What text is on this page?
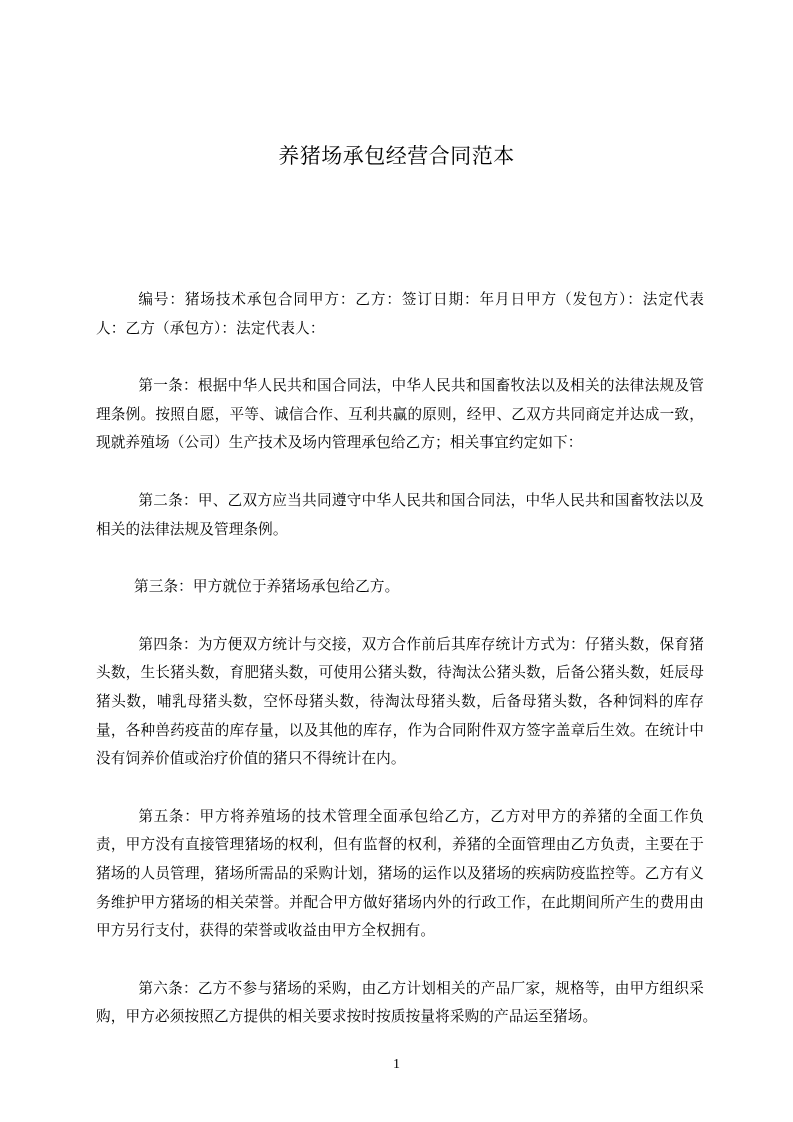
养猪场承包经营合同范本

编号：猪场技术承包合同甲方：乙方：签订日期：年月日甲方（发包方）：法定代表人：乙方（承包方）：法定代表人：

第一条：根据中华人民共和国合同法，中华人民共和国畜牧法以及相关的法律法规及管理条例。按照自愿，平等、诚信合作、互利共赢的原则，经甲、乙双方共同商定并达成一致，现就养殖场（公司）生产技术及场内管理承包给乙方；相关事宜约定如下：

第二条：甲、乙双方应当共同遵守中华人民共和国合同法，中华人民共和国畜牧法以及相关的法律法规及管理条例。

第三条：甲方就位于养猪场承包给乙方。

第四条：为方便双方统计与交接，双方合作前后其库存统计方式为：仔猪头数，保育猪头数，生长猪头数，育肥猪头数，可使用公猪头数，待淘汰公猪头数，后备公猪头数，妊辰母猪头数，哺乳母猪头数，空怀母猪头数，待淘汰母猪头数，后备母猪头数，各种饲料的库存量，各种兽药疫苗的库存量，以及其他的库存，作为合同附件双方签字盖章后生效。在统计中没有饲养价值或治疗价值的猪只不得统计在内。

第五条：甲方将养殖场的技术管理全面承包给乙方，乙方对甲方的养猪的全面工作负责，甲方没有直接管理猪场的权利，但有监督的权利，养猪的全面管理由乙方负责，主要在于猪场的人员管理，猪场所需品的采购计划，猪场的运作以及猪场的疾病防疫监控等。乙方有义务维护甲方猪场的相关荣誉。并配合甲方做好猪场内外的行政工作，在此期间所产生的费用由甲方另行支付，获得的荣誉或收益由甲方全权拥有。

第六条：乙方不参与猪场的采购，由乙方计划相关的产品厂家，规格等，由甲方组织采购，甲方必须按照乙方提供的相关要求按时按质按量将采购的产品运至猪场。

1
